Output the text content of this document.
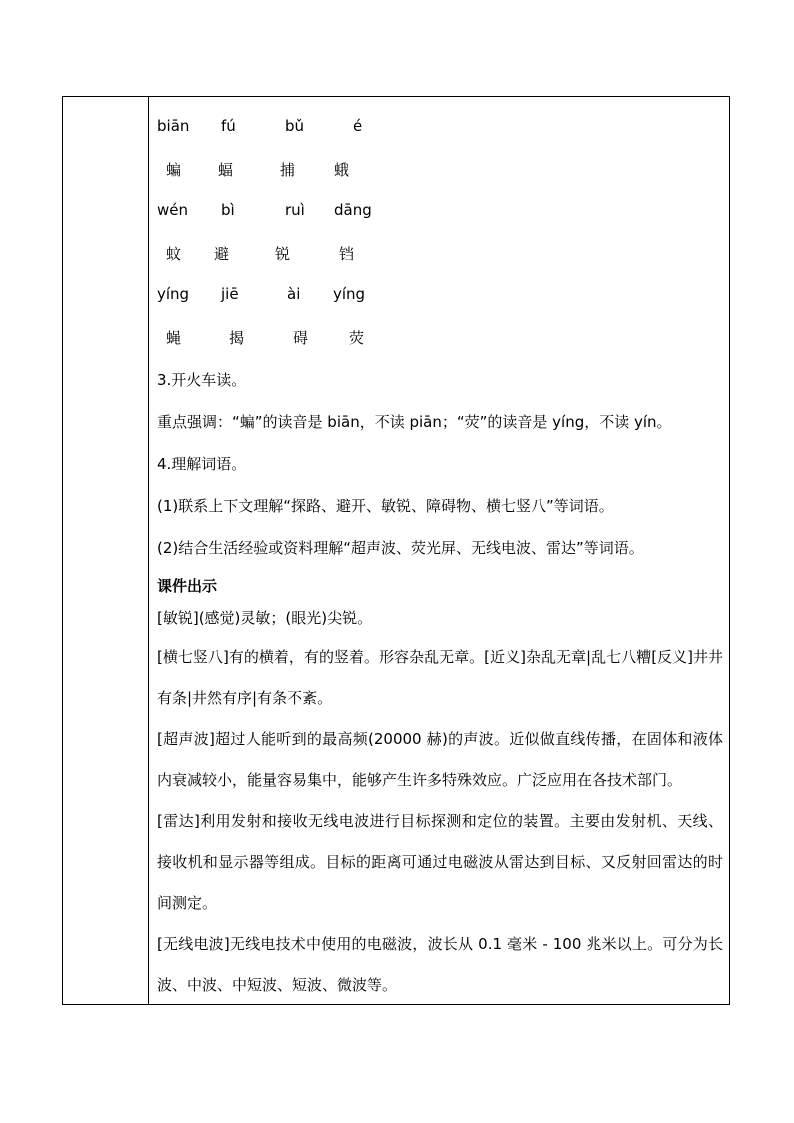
biān fú	bǔ	é
蝙 蝠	捕	蛾
wén bì	ruì dāng
蚊 避	锐	铛
yíng jiē	ài yíng
蝇	揭	碍	荧
3.开火车读。
重点强调：“蝙”的读音是 biān，不读 piān；“荧”的读音是 yíng，不读 yín。
4.理解词语。
(1)联系上下文理解“探路、避开、敏锐、障碍物、横七竖八”等词语。
(2)结合生活经验或资料理解“超声波、荧光屏、无线电波、雷达”等词语。
课件出示
[敏锐](感觉)灵敏；(眼光)尖锐。
[横七竖八]有的横着，有的竖着。形容杂乱无章。[近义]杂乱无章|乱七八糟[反义]井井有条|井然有序|有条不紊。
[超声波]超过人能听到的最高频(20000 赫)的声波。近似做直线传播，在固体和液体内衰减较小，能量容易集中，能够产生许多特殊效应。广泛应用在各技术部门。
[雷达]利用发射和接收无线电波进行目标探测和定位的装置。主要由发射机、天线、接收机和显示器等组成。目标的距离可通过电磁波从雷达到目标、又反射回雷达的时间测定。
[无线电波]无线电技术中使用的电磁波，波长从 0.1 毫米 - 100 兆米以上。可分为长波、中波、中短波、短波、微波等。
